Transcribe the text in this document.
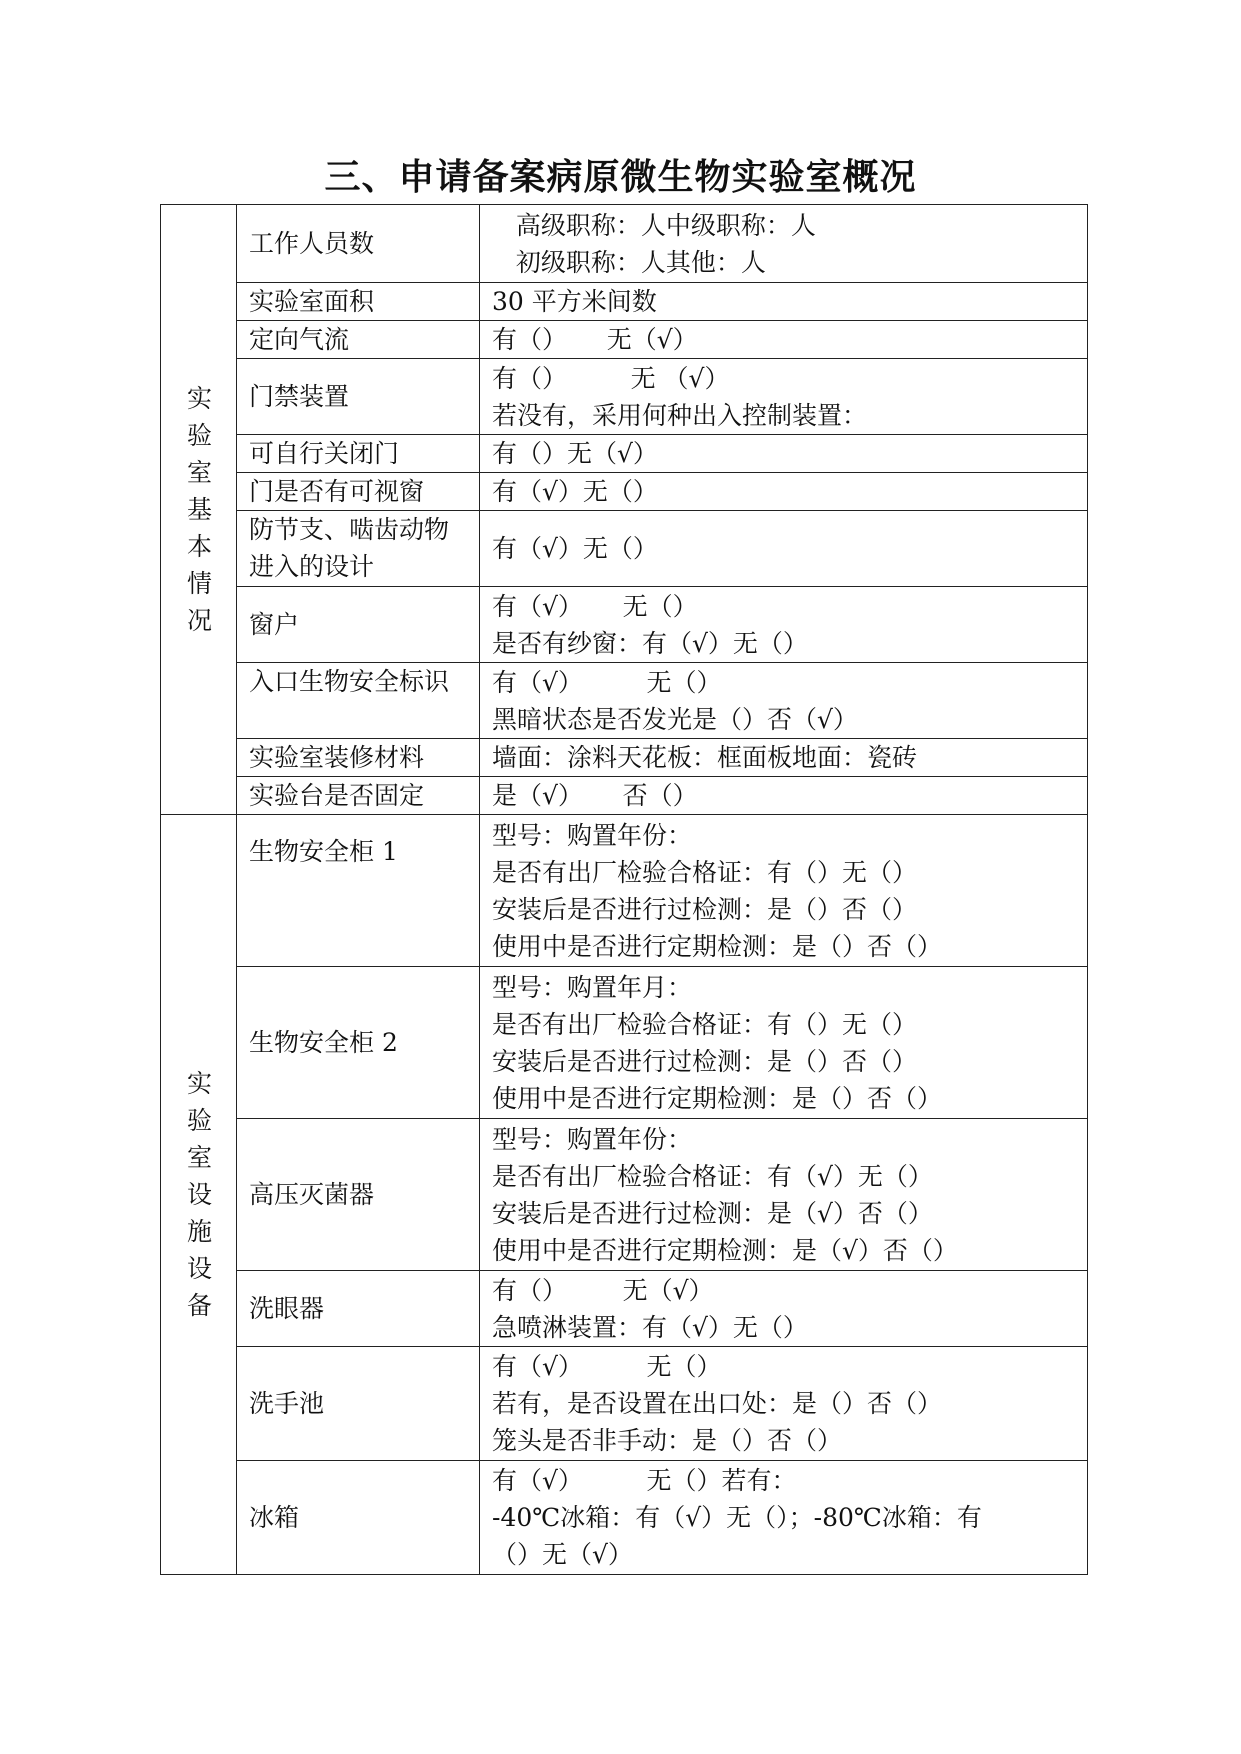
三、申请备案病原微生物实验室概况
实验室基本情况	工作人员数	高级职称：人中级职称：人
初级职称：人其他：人

	实验室面积	30 平方米间数

	定向气流	有（）     无（√）

	门禁装置	有（）        无 （√）
若没有，采用何种出入控制装置：

	可自行关闭门	有（）无（√）

	门是否有可视窗	有（√）无（）

	防节支、啮齿动物进入的设计	有（√）无（）

	窗户	有（√）     无（）
是否有纱窗：有（√）无（）

	入口生物安全标识	有（√）        无（）
黑暗状态是否发光是（）否（√）

	实验室装修材料	墙面：涂料天花板：框面板地面：瓷砖

	实验台是否固定	是（√）     否（）

实验室设施设备	生物安全柜 1	型号：购置年份：
是否有出厂检验合格证：有（）无（）
安装后是否进行过检测：是（）否（）
使用中是否进行定期检测：是（）否（）

	生物安全柜 2	型号：购置年月：
是否有出厂检验合格证：有（）无（）
安装后是否进行过检测：是（）否（）
使用中是否进行定期检测：是（）否（）

	高压灭菌器	型号：购置年份：
是否有出厂检验合格证：有（√）无（）
安装后是否进行过检测：是（√）否（）
使用中是否进行定期检测：是（√）否（）

	洗眼器	有（）       无（√）
急喷淋装置：有（√）无（）

	洗手池	有（√）        无（）
若有，是否设置在出口处：是（）否（）
笼头是否非手动：是（）否（）

	冰箱	有（√）        无（）若有：
-40℃冰箱：有（√）无（）；-80℃冰箱：有
（）无（√）
